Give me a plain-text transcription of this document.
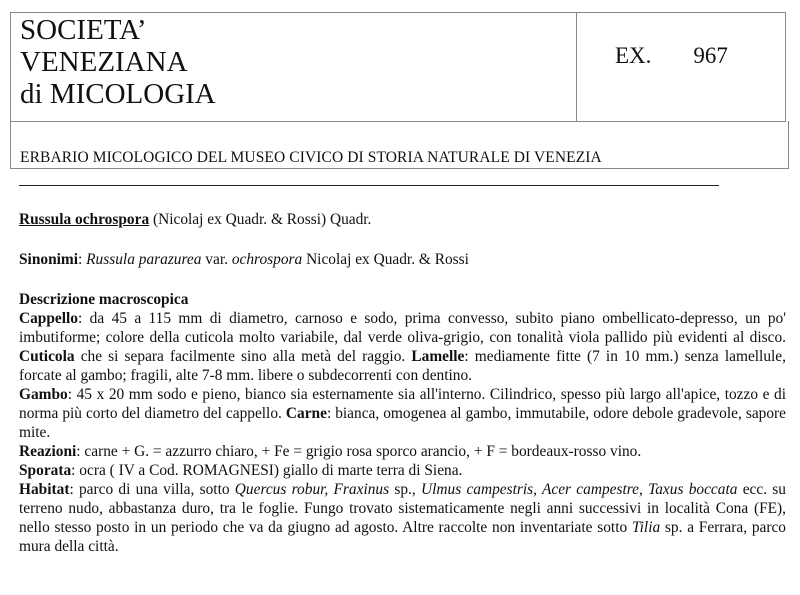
SOCIETA’
VENEZIANA
di MICOLOGIA
EX. 967
ERBARIO MICOLOGICO DEL MUSEO CIVICO DI STORIA NATURALE DI VENEZIA
Russula ochrospora (Nicolaj ex Quadr. & Rossi) Quadr.
Sinonimi: Russula parazurea var. ochrospora Nicolaj ex Quadr. & Rossi
Descrizione macroscopica
Cappello: da 45 a 115 mm di diametro, carnoso e sodo, prima convesso, subito piano ombellicato-depresso, un po' imbutiforme; colore della cuticola molto variabile, dal verde oliva-grigio, con tonalità viola pallido più evidenti al disco. Cuticola che si separa facilmente sino alla metà del raggio. Lamelle: mediamente fitte (7 in 10 mm.) senza lamellule, forcate al gambo; fragili, alte 7-8 mm. libere o subdecorrenti con dentino.
Gambo: 45 x 20 mm sodo e pieno, bianco sia esternamente sia all'interno. Cilindrico, spesso più largo all'apice, tozzo e di norma più corto del diametro del cappello. Carne: bianca, omogenea al gambo, immutabile, odore debole gradevole, sapore mite.
Reazioni: carne + G. = azzurro chiaro, + Fe = grigio rosa sporco arancio, + F = bordeaux-rosso vino.
Sporata: ocra ( IV a Cod. ROMAGNESI) giallo di marte terra di Siena.
Habitat: parco di una villa, sotto Quercus robur, Fraxinus sp., Ulmus campestris, Acer campestre, Taxus boccata ecc. su terreno nudo, abbastanza duro, tra le foglie. Fungo trovato sistematicamente negli anni successivi in località Cona (FE), nello stesso posto in un periodo che va da giugno ad agosto. Altre raccolte non inventariate sotto Tilia sp. a Ferrara, parco mura della città.
